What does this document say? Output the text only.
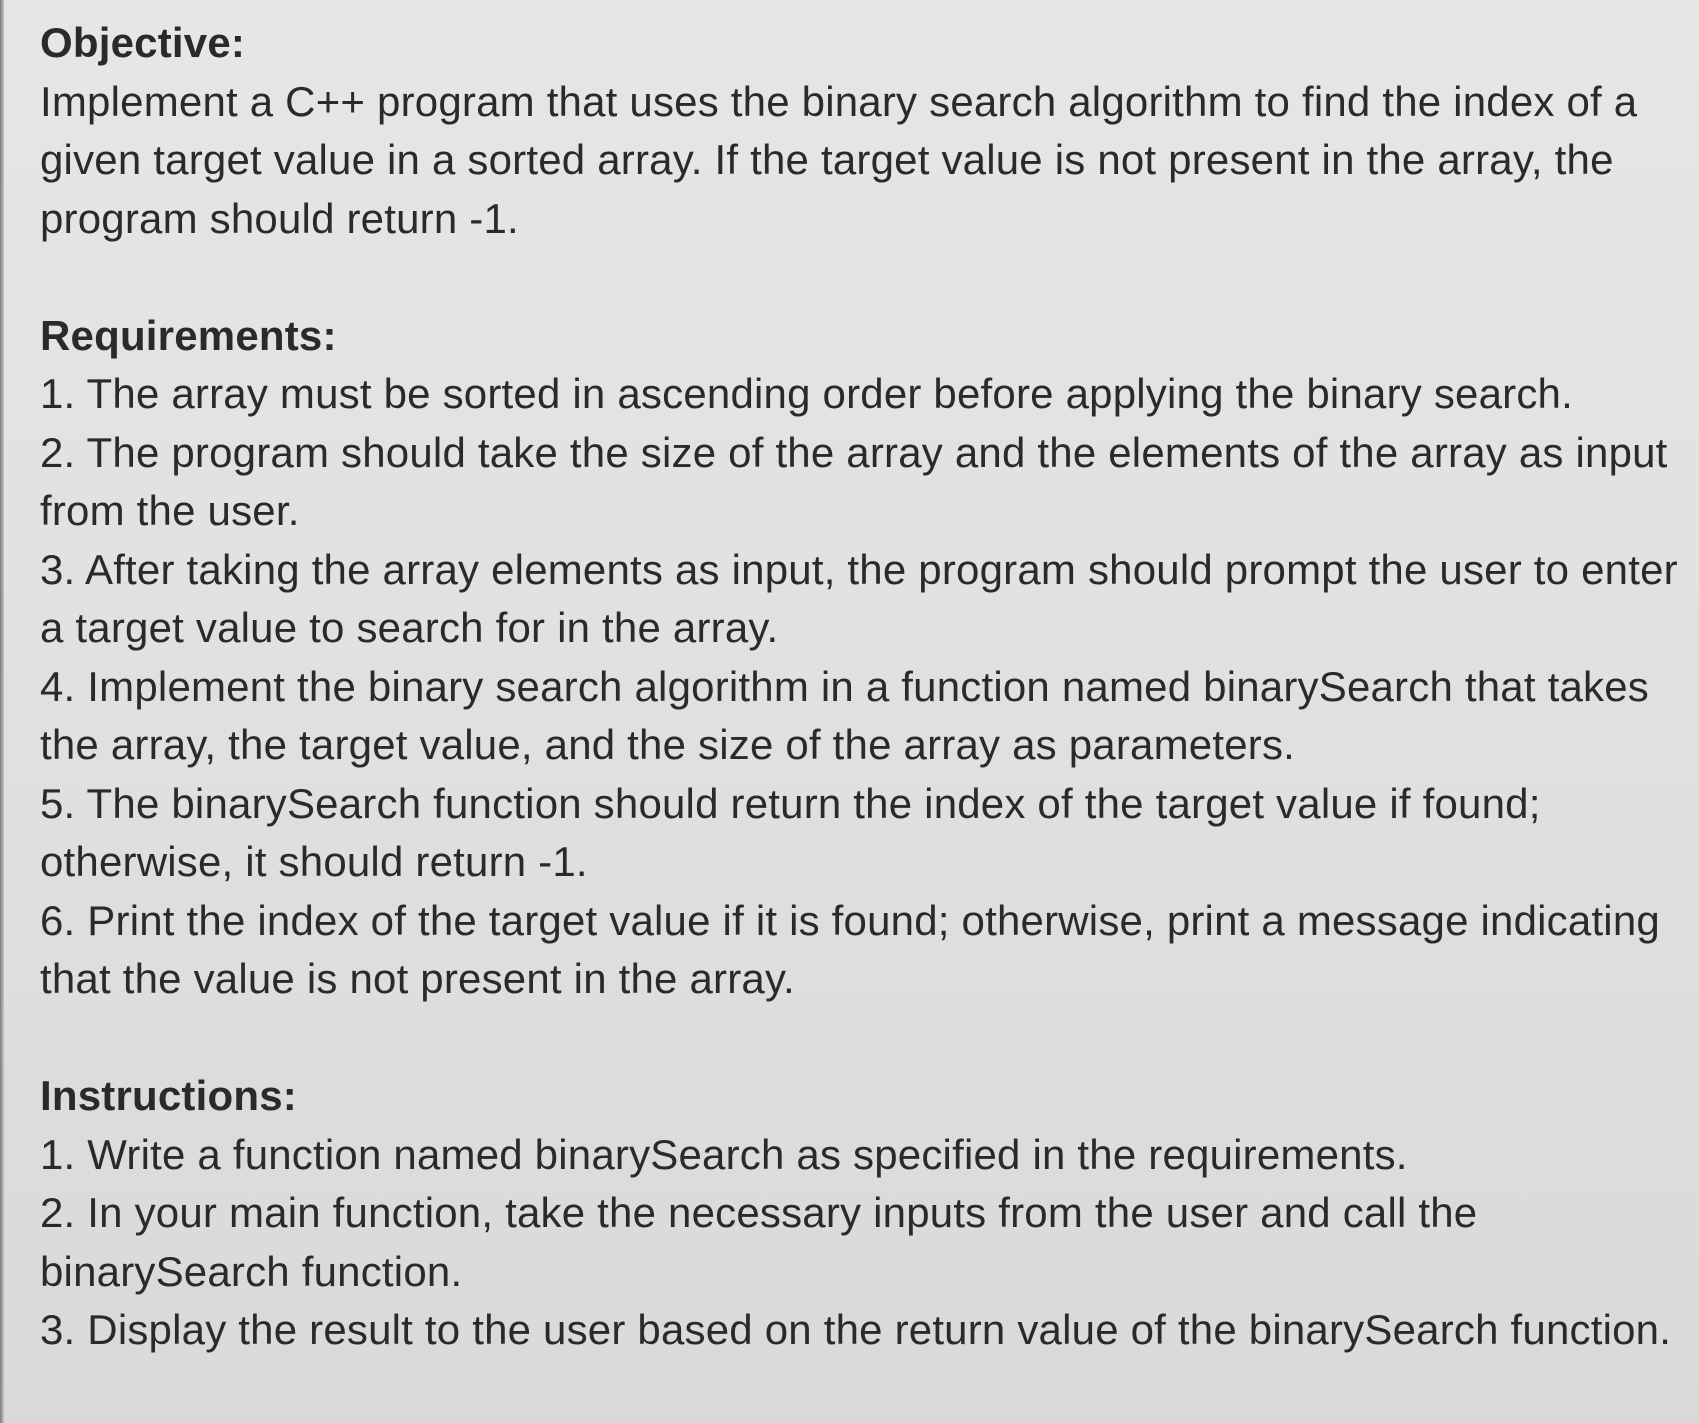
Objective:

Implement a C++ program that uses the binary search algorithm to find the index of a given target value in a sorted array. If the target value is not present in the array, the program should return -1.

Requirements:
1. The array must be sorted in ascending order before applying the binary search.
2. The program should take the size of the array and the elements of the array as input from the user.
3. After taking the array elements as input, the program should prompt the user to enter a target value to search for in the array.
4. Implement the binary search algorithm in a function named binarySearch that takes the array, the target value, and the size of the array as parameters.
5. The binarySearch function should return the index of the target value if found; otherwise, it should return -1.
6. Print the index of the target value if it is found; otherwise, print a message indicating that the value is not present in the array.
Instructions:
1. Write a function named binarySearch as specified in the requirements.
2. In your main function, take the necessary inputs from the user and call the binarySearch function.
3. Display the result to the user based on the return value of the binarySearch function.
